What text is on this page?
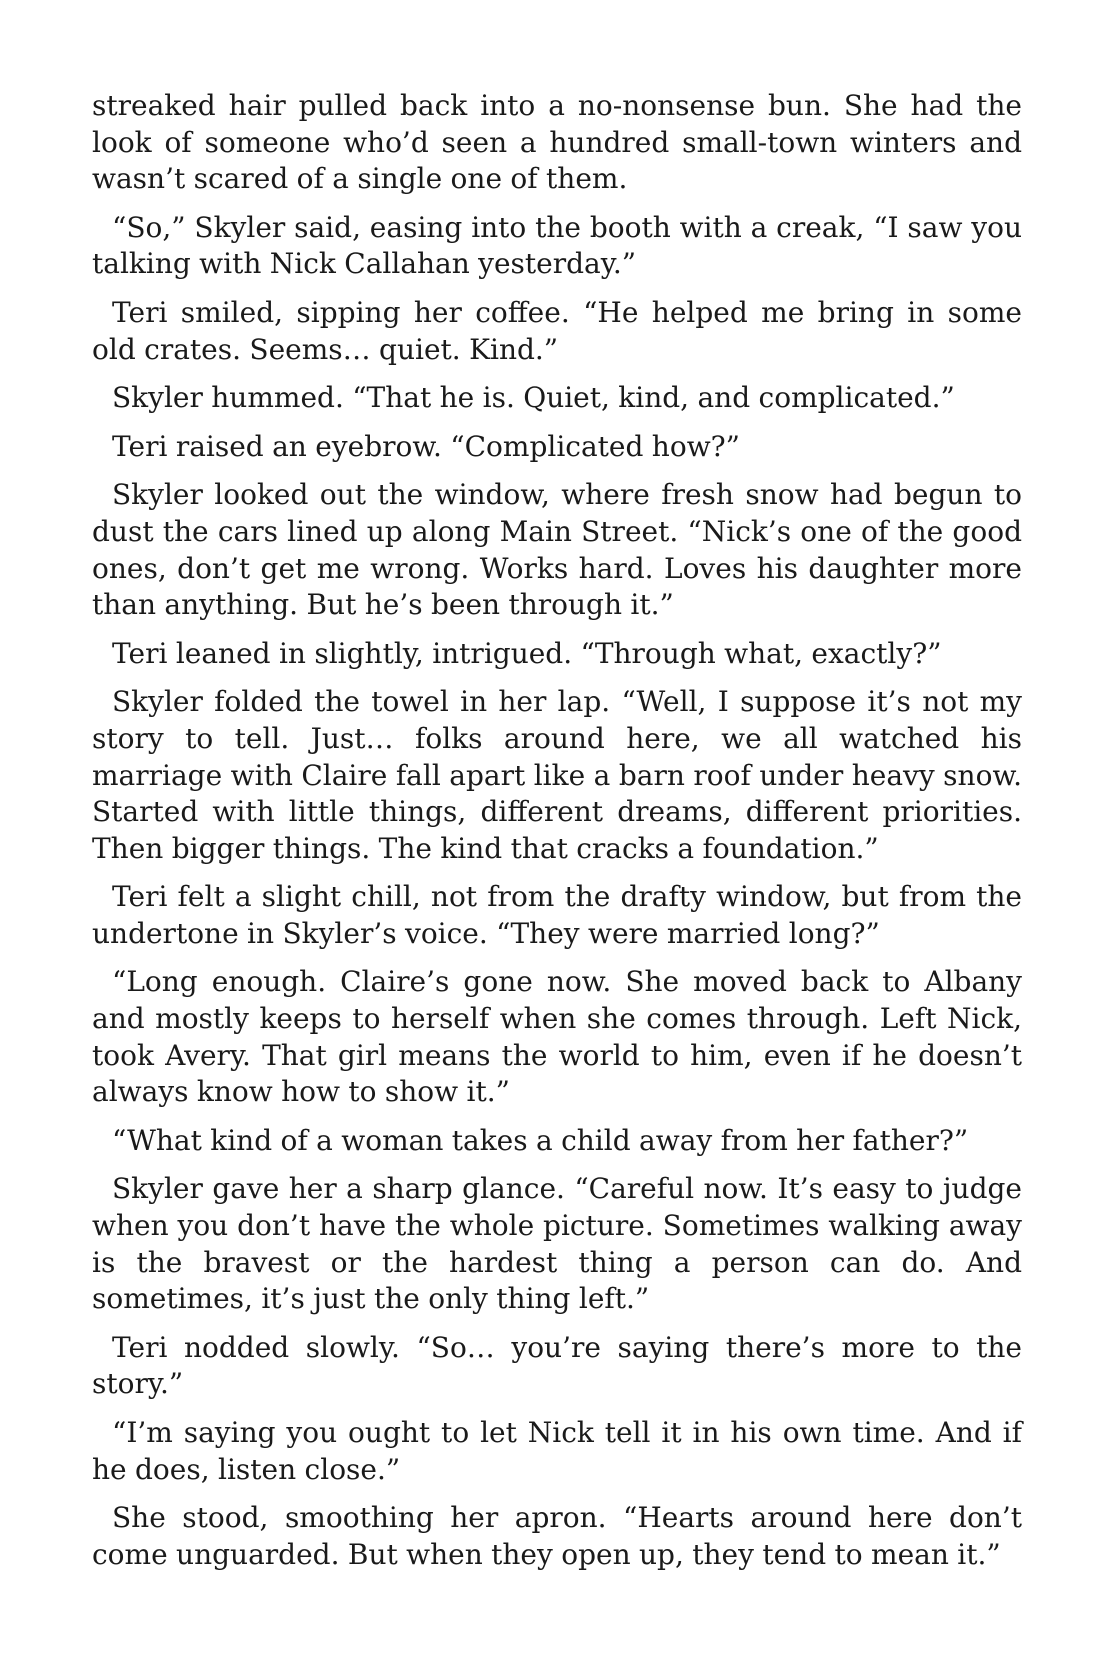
streaked hair pulled back into a no-nonsense bun. She had the look of someone who’d seen a hundred small-town winters and wasn’t scared of a single one of them.

“So,” Skyler said, easing into the booth with a creak, “I saw you talking with Nick Callahan yesterday.”

Teri smiled, sipping her coffee. “He helped me bring in some old crates. Seems… quiet. Kind.”

Skyler hummed. “That he is. Quiet, kind, and complicated.”

Teri raised an eyebrow. “Complicated how?”

Skyler looked out the window, where fresh snow had begun to dust the cars lined up along Main Street. “Nick’s one of the good ones, don’t get me wrong. Works hard. Loves his daughter more than anything. But he’s been through it.”

Teri leaned in slightly, intrigued. “Through what, exactly?”

Skyler folded the towel in her lap. “Well, I suppose it’s not my story to tell. Just… folks around here, we all watched his marriage with Claire fall apart like a barn roof under heavy snow. Started with little things, different dreams, different priorities. Then bigger things. The kind that cracks a foundation.”

Teri felt a slight chill, not from the drafty window, but from the undertone in Skyler’s voice. “They were married long?”

“Long enough. Claire’s gone now. She moved back to Albany and mostly keeps to herself when she comes through. Left Nick, took Avery. That girl means the world to him, even if he doesn’t always know how to show it.”

“What kind of a woman takes a child away from her father?”

Skyler gave her a sharp glance. “Careful now. It’s easy to judge when you don’t have the whole picture. Sometimes walking away is the bravest or the hardest thing a person can do. And sometimes, it’s just the only thing left.”

Teri nodded slowly. “So… you’re saying there’s more to the story.”

“I’m saying you ought to let Nick tell it in his own time. And if he does, listen close.”

She stood, smoothing her apron. “Hearts around here don’t come unguarded. But when they open up, they tend to mean it.”
